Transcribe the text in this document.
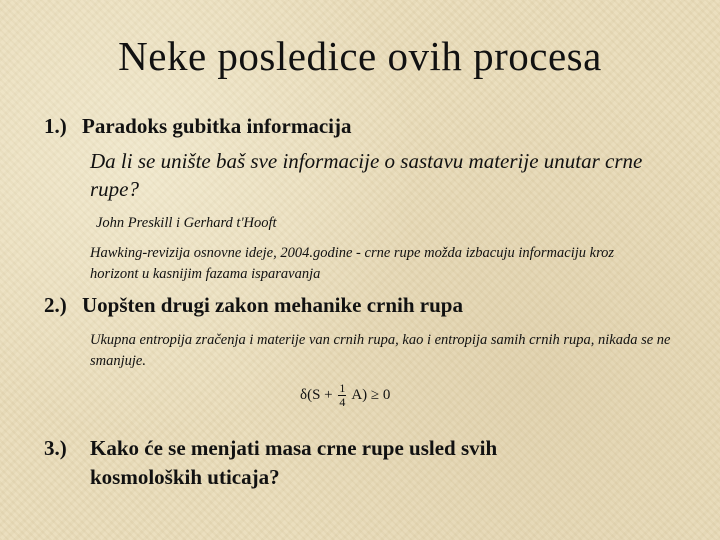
Neke posledice ovih procesa
1.) Paradoks gubitka informacija
Da li se unište baš sve informacije o sastavu materije unutar crne rupe?
John Preskill i Gerhard t'Hooft
Hawking-revizija osnovne ideje, 2004.godine - crne rupe možda izbacuju informaciju kroz horizont u kasnijim fazama isparavanja
2.) Uopšten drugi zakon mehanike crnih rupa
Ukupna entropija zračenja i materije van crnih rupa, kao i entropija samih crnih rupa, nikada se ne smanjuje.
$\delta(S + \frac{1}{4} A) \ge 0$
3.) Kako će se menjati masa crne rupe usled svih
kosmoloških uticaja?
